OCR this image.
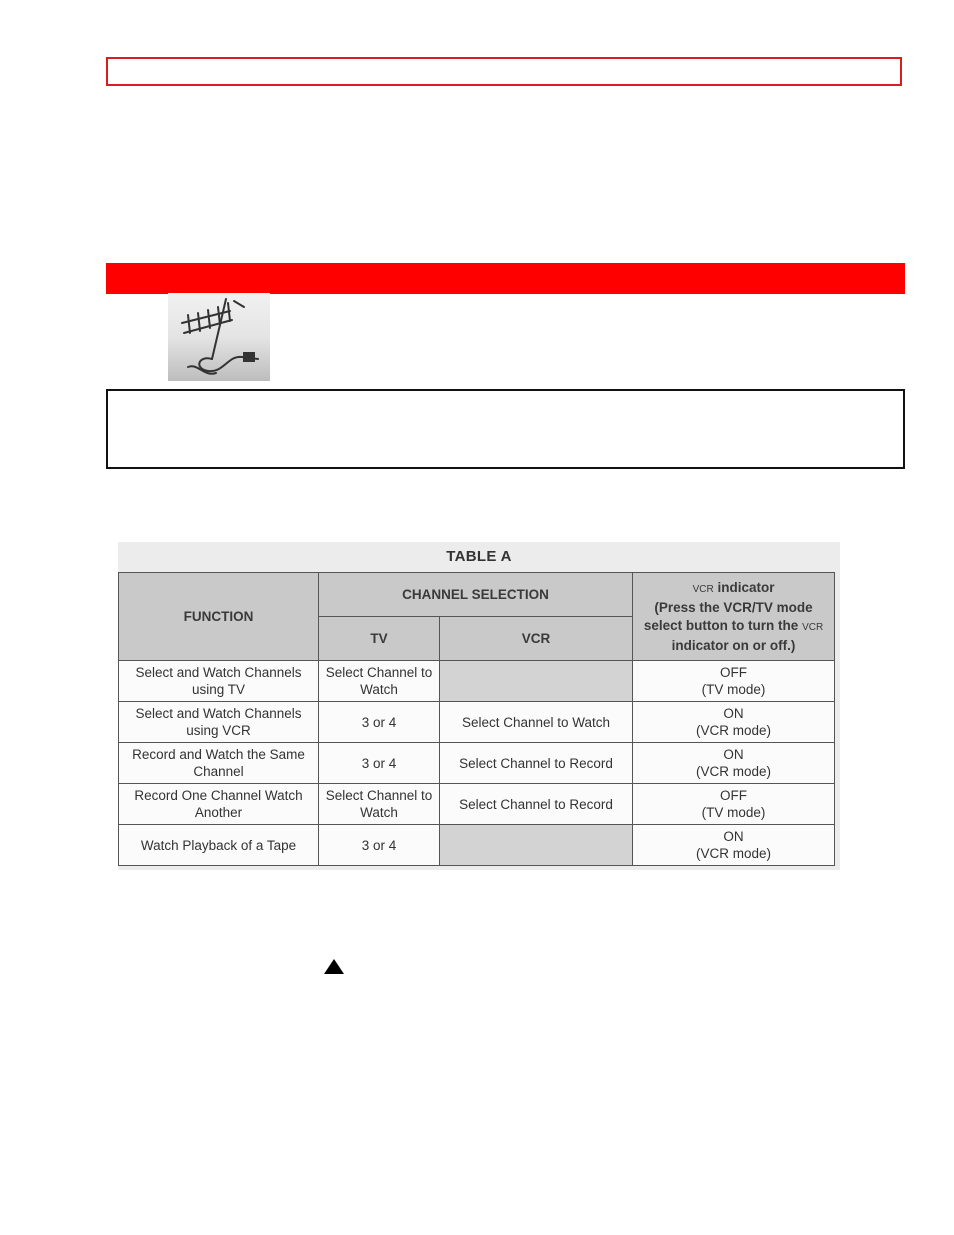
TABLE A
FUNCTION	CHANNEL SELECTION		VCR indicator
(Press the VCR/TV mode select button to turn the VCR indicator on or off.)
	TV	VCR	
Select and Watch Channels using TV	Select Channel to Watch		OFF
(TV mode)
Select and Watch Channels using VCR	3 or 4	Select Channel to Watch	ON
(VCR mode)
Record and Watch the Same Channel	3 or 4	Select Channel to Record	ON
(VCR mode)
Record One Channel Watch Another	Select Channel to Watch	Select Channel to Record	OFF
(TV mode)
Watch Playback of a Tape	3 or 4		ON
(VCR mode)
